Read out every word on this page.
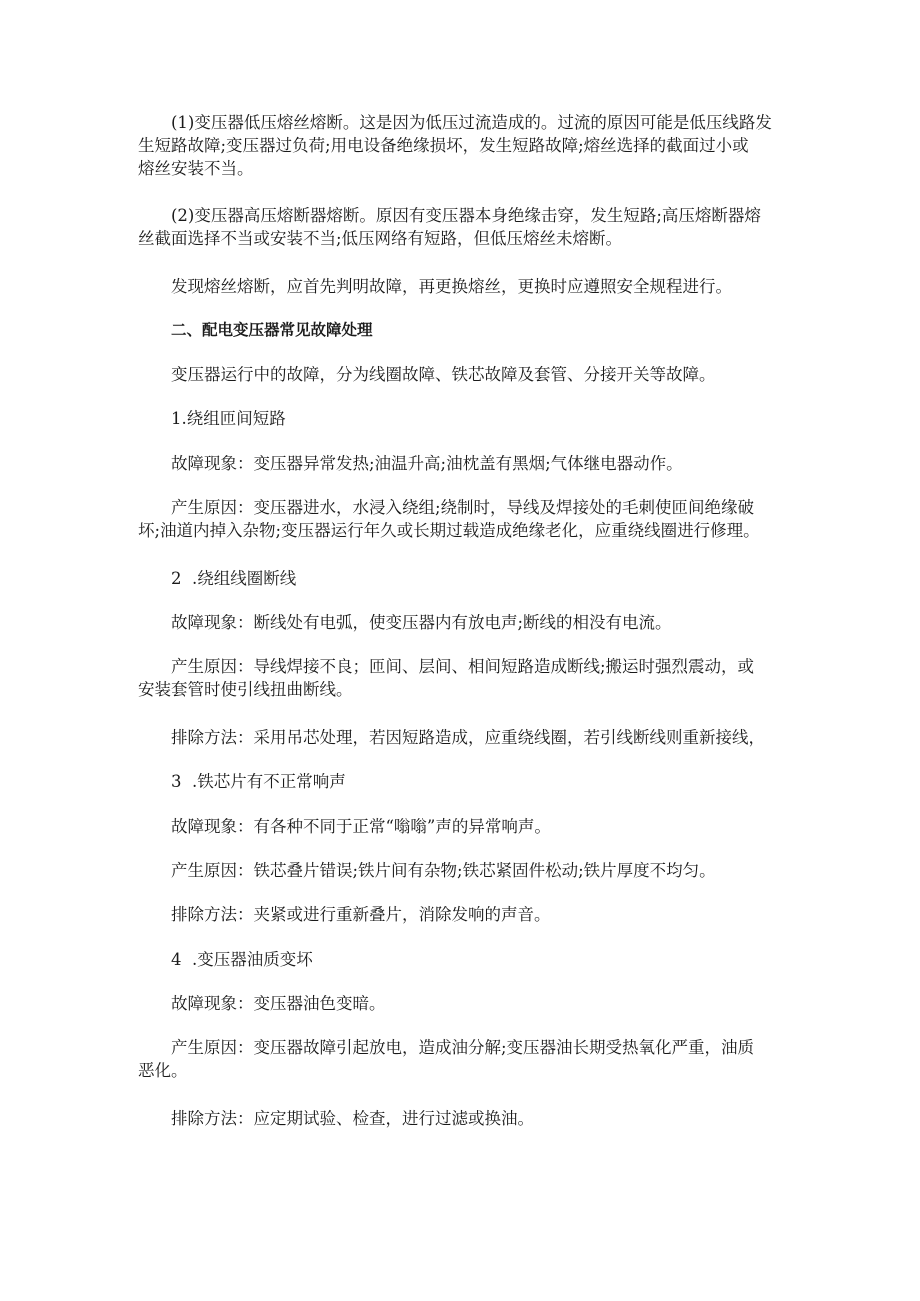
(1)变压器低压熔丝熔断。这是因为低压过流造成的。过流的原因可能是低压线路发
生短路故障;变压器过负荷;用电设备绝缘损坏，发生短路故障;熔丝选择的截面过小或
熔丝安装不当。

(2)变压器高压熔断器熔断。原因有变压器本身绝缘击穿，发生短路;高压熔断器熔
丝截面选择不当或安装不当;低压网络有短路，但低压熔丝未熔断。

发现熔丝熔断，应首先判明故障，再更换熔丝，更换时应遵照安全规程进行。

二、配电变压器常见故障处理

变压器运行中的故障，分为线圈故障、铁芯故障及套管、分接开关等故障。

1.绕组匝间短路

故障现象：变压器异常发热;油温升高;油枕盖有黑烟;气体继电器动作。

产生原因：变压器进水，水浸入绕组;绕制时，导线及焊接处的毛刺使匝间绝缘破
坏;油道内掉入杂物;变压器运行年久或长期过载造成绝缘老化，应重绕线圈进行修理。

2  .绕组线圈断线

故障现象：断线处有电弧，使变压器内有放电声;断线的相没有电流。

产生原因：导线焊接不良；匝间、层间、相间短路造成断线;搬运时强烈震动，或
安装套管时使引线扭曲断线。

排除方法：采用吊芯处理，若因短路造成，应重绕线圈，若引线断线则重新接线，

3  .铁芯片有不正常响声

故障现象：有各种不同于正常“嗡嗡”声的异常响声。

产生原因：铁芯叠片错误;铁片间有杂物;铁芯紧固件松动;铁片厚度不均匀。

排除方法：夹紧或进行重新叠片，消除发响的声音。

4  .变压器油质变坏

故障现象：变压器油色变暗。

产生原因：变压器故障引起放电，造成油分解;变压器油长期受热氧化严重，油质
恶化。

排除方法：应定期试验、检查，进行过滤或换油。
